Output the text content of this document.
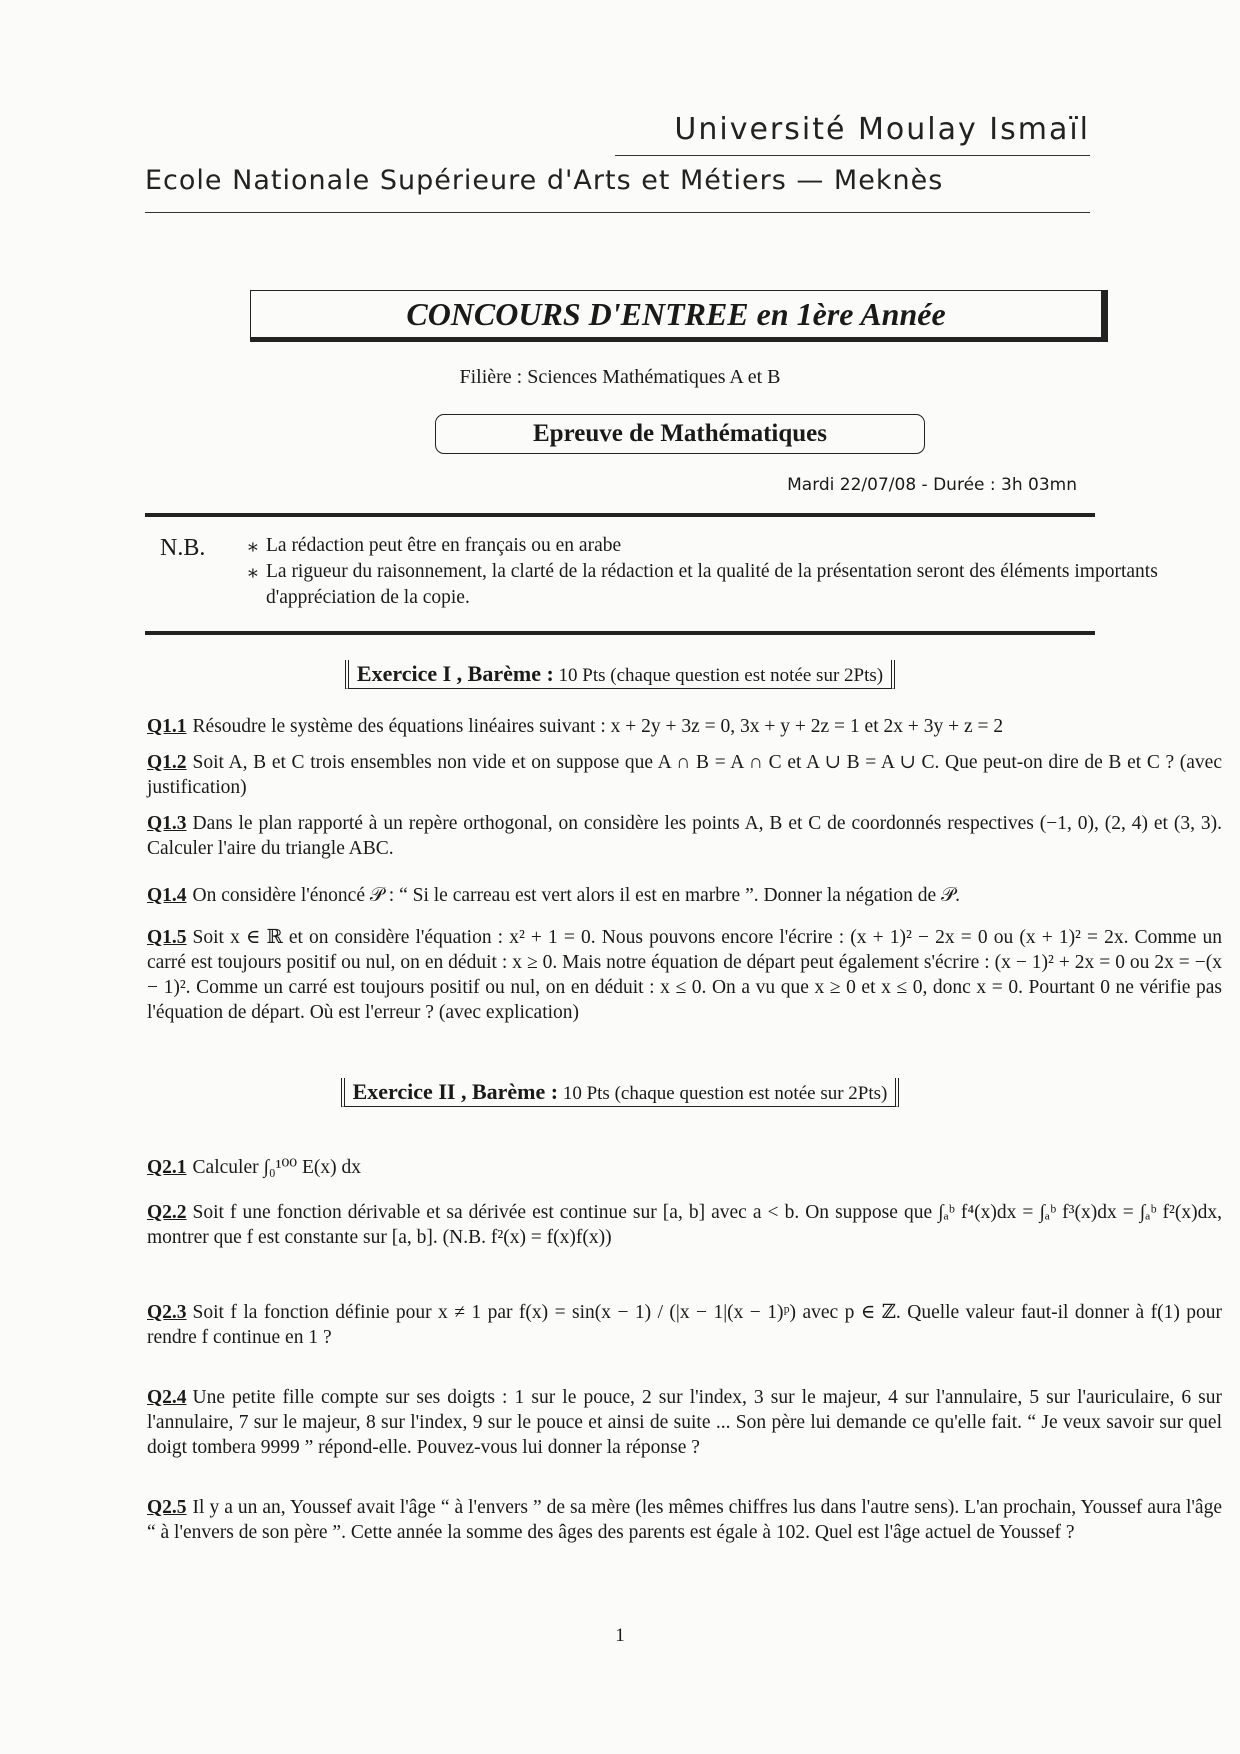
Université Moulay Ismaïl
Ecole Nationale Supérieure d'Arts et Métiers — Meknès
CONCOURS D'ENTREE en 1ère Année
Filière : Sciences Mathématiques A et B
Epreuve de Mathématiques
Mardi 22/07/08 - Durée : 3h 03mn
N.B. ⁎ La rédaction peut être en français ou en arabe
⁎ La rigueur du raisonnement, la clarté de la rédaction et la qualité de la présentation seront des éléments importants d'appréciation de la copie.
Exercice I , Barème : 10 Pts (chaque question est notée sur 2Pts)
Q1.1 Résoudre le système des équations linéaires suivant : x + 2y + 3z = 0, 3x + y + 2z = 1 et 2x + 3y + z = 2
Q1.2 Soit A, B et C trois ensembles non vide et on suppose que A ∩ B = A ∩ C et A ∪ B = A ∪ C. Que peut-on dire de B et C ? (avec justification)
Q1.3 Dans le plan rapporté à un repère orthogonal, on considère les points A, B et C de coordonnés respectives (−1, 0), (2, 4) et (3, 3). Calculer l'aire du triangle ABC.
Q1.4 On considère l'énoncé 𝒫 : “ Si le carreau est vert alors il est en marbre ”. Donner la négation de 𝒫.
Q1.5 Soit x ∈ ℝ et on considère l'équation : x² + 1 = 0. Nous pouvons encore l'écrire : (x + 1)² − 2x = 0 ou (x + 1)² = 2x. Comme un carré est toujours positif ou nul, on en déduit : x ≥ 0. Mais notre équation de départ peut également s'écrire : (x − 1)² + 2x = 0 ou 2x = −(x − 1)². Comme un carré est toujours positif ou nul, on en déduit : x ≤ 0. On a vu que x ≥ 0 et x ≤ 0, donc x = 0. Pourtant 0 ne vérifie pas l'équation de départ. Où est l'erreur ? (avec explication)
Exercice II , Barème : 10 Pts (chaque question est notée sur 2Pts)
Q2.1 Calculer ∫₀¹⁰⁰ E(x) dx
Q2.2 Soit f une fonction dérivable et sa dérivée est continue sur [a, b] avec a < b. On suppose que ∫ₐᵇ f⁴(x)dx = ∫ₐᵇ f³(x)dx = ∫ₐᵇ f²(x)dx, montrer que f est constante sur [a, b]. (N.B. f²(x) = f(x)f(x))
Q2.3 Soit f la fonction définie pour x ≠ 1 par f(x) = sin(x − 1) / (|x − 1|(x − 1)ᵖ) avec p ∈ ℤ. Quelle valeur faut-il donner à f(1) pour rendre f continue en 1 ?
Q2.4 Une petite fille compte sur ses doigts : 1 sur le pouce, 2 sur l'index, 3 sur le majeur, 4 sur l'annulaire, 5 sur l'auriculaire, 6 sur l'annulaire, 7 sur le majeur, 8 sur l'index, 9 sur le pouce et ainsi de suite ... Son père lui demande ce qu'elle fait. “ Je veux savoir sur quel doigt tombera 9999 ” répond-elle. Pouvez-vous lui donner la réponse ?
Q2.5 Il y a un an, Youssef avait l'âge “ à l'envers ” de sa mère (les mêmes chiffres lus dans l'autre sens). L'an prochain, Youssef aura l'âge “ à l'envers de son père ”. Cette année la somme des âges des parents est égale à 102. Quel est l'âge actuel de Youssef ?
1
